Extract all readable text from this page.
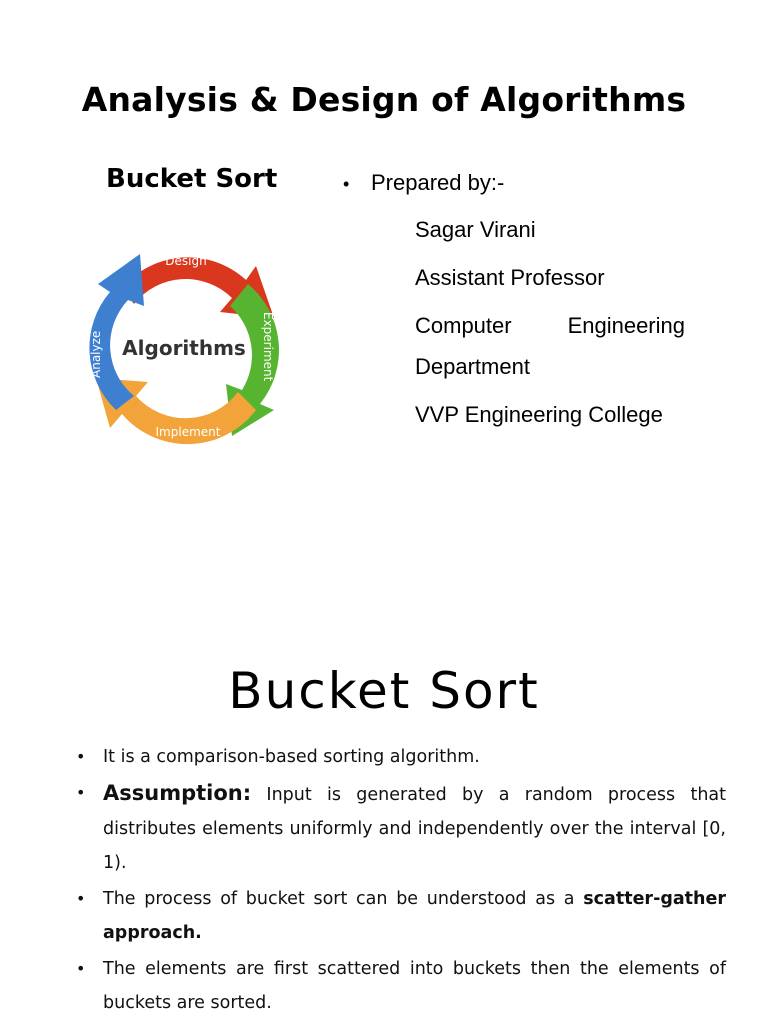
Analysis & Design of Algorithms
Bucket Sort
Design
Experiment
Implement
Analyze Algorithms
• Prepared by:-
Sagar Virani
Assistant Professor
Computer	Engineering
Department
VVP Engineering College
Bucket Sort
• It is a comparison-based sorting algorithm.
• Assumption: Input is generated by a random process that distributes elements uniformly and independently over the interval [0, 1).
• The process of bucket sort can be understood as a scatter-gather approach.
• The elements are first scattered into buckets then the elements of buckets are sorted.
